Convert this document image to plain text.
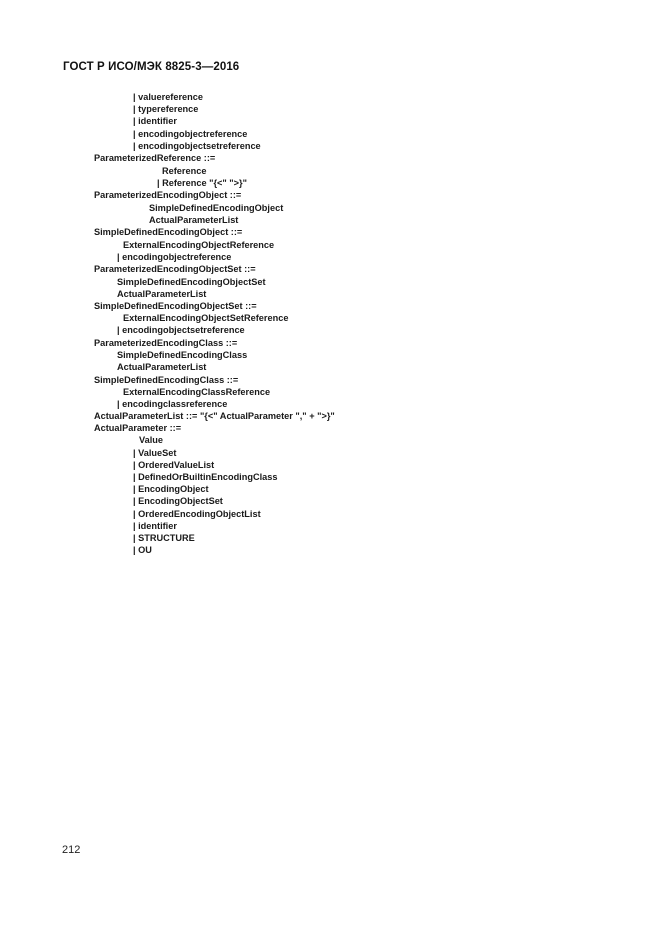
ГОСТ Р ИСО/МЭК 8825-3—2016
| valuereference
| typereference
| identifier
| encodingobjectreference
| encodingobjectsetreference
ParameterizedReference ::=
Reference
| Reference "{<" ">}"
ParameterizedEncodingObject ::=
SimpleDefinedEncodingObject
ActualParameterList
SimpleDefinedEncodingObject ::=
ExternalEncodingObjectReference
| encodingobjectreference
ParameterizedEncodingObjectSet ::=
SimpleDefinedEncodingObjectSet
ActualParameterList
SimpleDefinedEncodingObjectSet ::=
ExternalEncodingObjectSetReference
| encodingobjectsetreference
ParameterizedEncodingClass ::=
SimpleDefinedEncodingClass
ActualParameterList
SimpleDefinedEncodingClass ::=
ExternalEncodingClassReference
| encodingclassreference
ActualParameterList ::= "{<" ActualParameter "," + ">}"
ActualParameter ::=
Value
| ValueSet
| OrderedValueList
| DefinedOrBuiltinEncodingClass
| EncodingObject
| EncodingObjectSet
| OrderedEncodingObjectList
| identifier
| STRUCTURE
| OU
212
